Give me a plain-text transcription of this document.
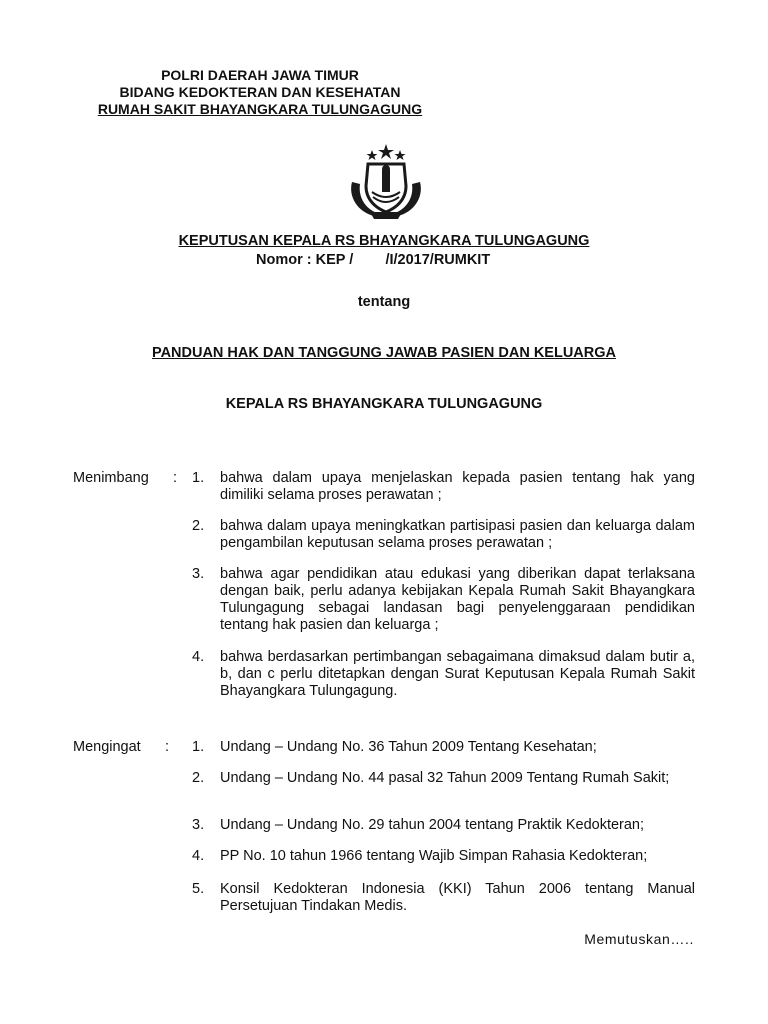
POLRI DAERAH JAWA TIMUR
BIDANG KEDOKTERAN DAN KESEHATAN
RUMAH SAKIT BHAYANGKARA TULUNGAGUNG
KEPUTUSAN KEPALA RS BHAYANGKARA TULUNGAGUNG
Nomor : KEP /        /I/2017/RUMKIT
tentang
PANDUAN HAK DAN TANGGUNG JAWAB PASIEN DAN KELUARGA
KEPALA RS BHAYANGKARA TULUNGAGUNG
Menimbang : 1.	bahwa dalam upaya menjelaskan kepada pasien tentang hak yang dimiliki selama proses perawatan ;
2.	bahwa dalam upaya meningkatkan partisipasi pasien dan keluarga dalam pengambilan keputusan selama proses perawatan ;
3.	bahwa agar pendidikan atau edukasi yang diberikan dapat terlaksana dengan baik, perlu adanya kebijakan Kepala Rumah Sakit Bhayangkara Tulungagung sebagai landasan bagi penyelenggaraan pendidikan tentang hak pasien dan keluarga ;
4.	bahwa berdasarkan pertimbangan sebagaimana dimaksud dalam butir a, b, dan c perlu ditetapkan dengan Surat Keputusan Kepala Rumah Sakit Bhayangkara Tulungagung.
Mengingat : 1.	Undang – Undang No. 36 Tahun 2009 Tentang Kesehatan;
2.	Undang – Undang No. 44 pasal 32 Tahun 2009 Tentang Rumah Sakit;
3.	Undang – Undang No. 29 tahun 2004 tentang Praktik Kedokteran;
4.	PP No. 10 tahun 1966 tentang Wajib Simpan Rahasia Kedokteran;
5.	Konsil Kedokteran Indonesia (KKI) Tahun 2006 tentang Manual Persetujuan Tindakan Medis.
Memutuskan…..
